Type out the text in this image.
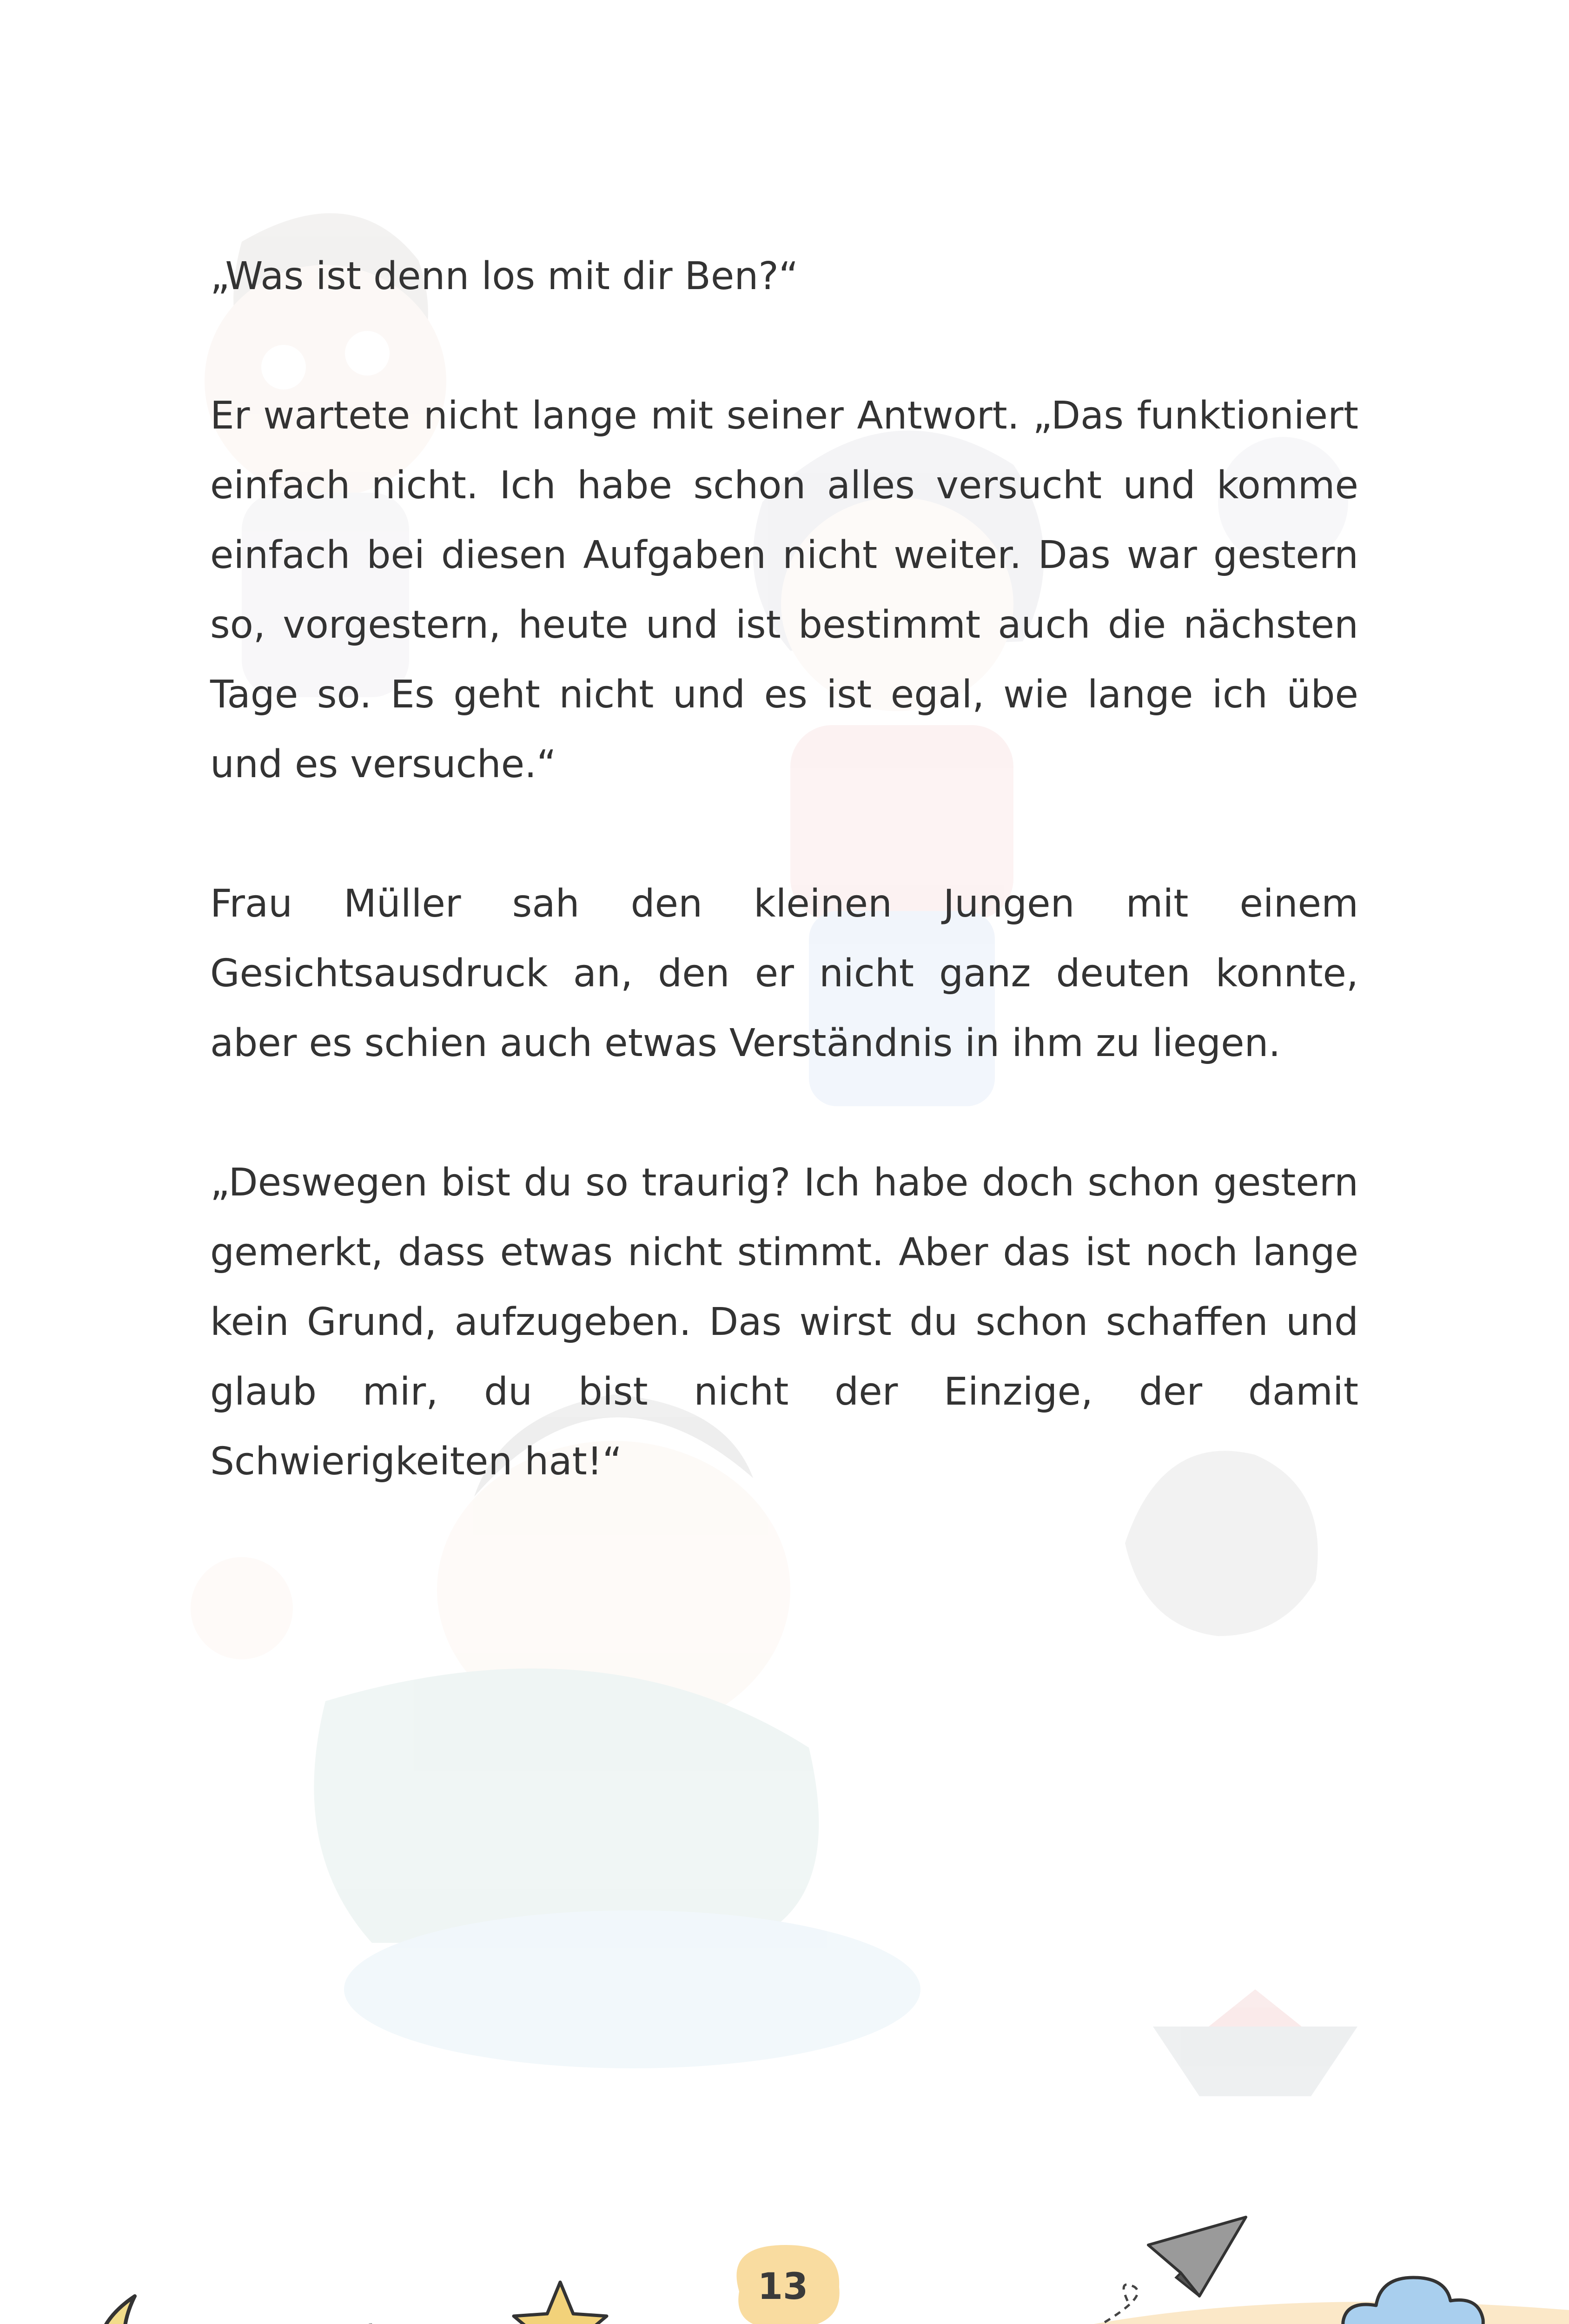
„Was ist denn los mit dir Ben?“

Er wartete nicht lange mit seiner Antwort. „Das funktioniert einfach nicht. Ich habe schon alles versucht und komme einfach bei diesen Aufgaben nicht weiter. Das war gestern so, vorgestern, heute und ist bestimmt auch die nächsten Tage so. Es geht nicht und es ist egal, wie lange ich übe und es versuche.“

Frau Müller sah den kleinen Jungen mit einem Gesichtsausdruck an, den er nicht ganz deuten konnte, aber es schien auch etwas Verständnis in ihm zu liegen.

„Deswegen bist du so traurig? Ich habe doch schon gestern gemerkt, dass etwas nicht stimmt. Aber das ist noch lange kein Grund, aufzugeben. Das wirst du schon schaffen und glaub mir, du bist nicht der Einzige, der damit Schwierigkeiten hat!“

13
